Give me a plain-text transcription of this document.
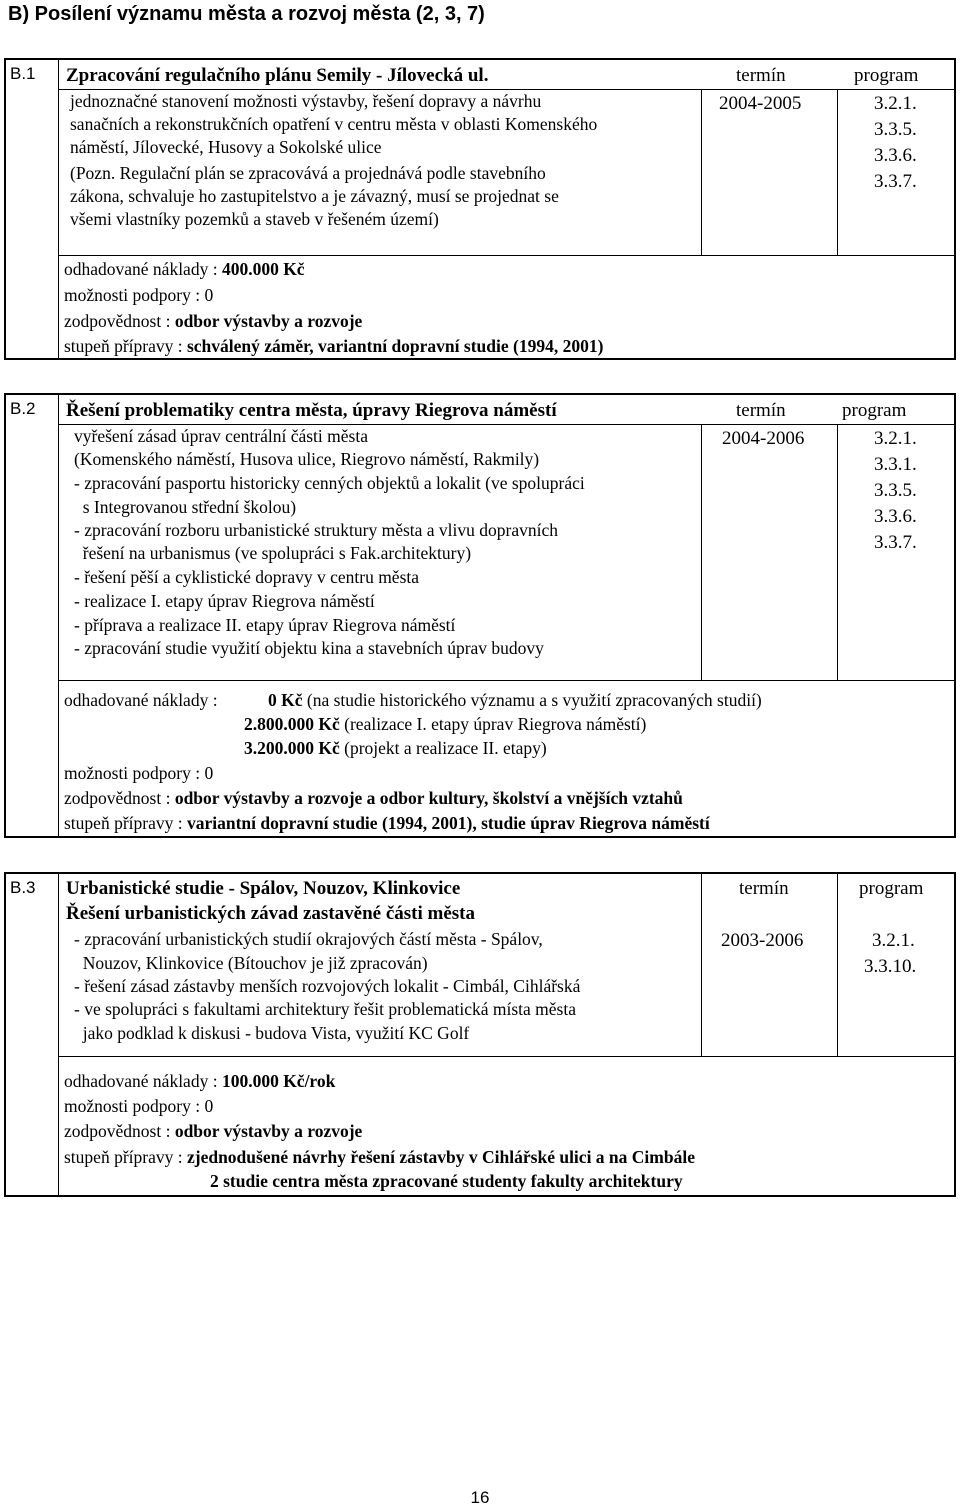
B) Posílení významu města a rozvoj města (2, 3, 7)
B.1 Zpracování regulačního plánu Semily - Jílovecká ul.	termín	program
jednoznačné stanovení možnosti výstavby, řešení dopravy a návrhu
sanačních a rekonstrukčních opatření v centru města v oblasti Komenského
náměstí, Jílovecké, Husovy a Sokolské ulice
(Pozn. Regulační plán se zpracovává a projednává podle stavebního
zákona, schvaluje ho zastupitelstvo a je závazný, musí se projednat se
všemi vlastníky pozemků a staveb v řešeném území)
2004-2005	3.2.1.
3.3.5.
3.3.6.
3.3.7.
odhadované náklady : 400.000 Kč
možnosti podpory : 0
zodpovědnost : odbor výstavby a rozvoje
stupeň přípravy : schválený záměr, variantní dopravní studie (1994, 2001)
B.2 Řešení problematiky centra města, úpravy Riegrova náměstí	termín	program
vyřešení zásad úprav centrální části města
(Komenského náměstí, Husova ulice, Riegrovo náměstí, Rakmily)
- zpracování pasportu historicky cenných objektů a lokalit (ve spolupráci
s Integrovanou střední školou)
- zpracování rozboru urbanistické struktury města a vlivu dopravních
řešení na urbanismus (ve spolupráci s Fak.architektury)
- řešení pěší a cyklistické dopravy v centru města
- realizace I. etapy úprav Riegrova náměstí
- příprava a realizace II. etapy úprav Riegrova náměstí
- zpracování studie využití objektu kina a stavebních úprav budovy
2004-2006	3.2.1.
3.3.1.
3.3.5.
3.3.6.
3.3.7.
odhadované náklady :	0 Kč (na studie historického významu a s využití zpracovaných studií)
2.800.000 Kč (realizace I. etapy úprav Riegrova náměstí)
3.200.000 Kč (projekt a realizace II. etapy)
možnosti podpory : 0
zodpovědnost : odbor výstavby a rozvoje a odbor kultury, školství a vnějších vztahů
stupeň přípravy : variantní dopravní studie (1994, 2001), studie úprav Riegrova náměstí
B.3 Urbanistické studie - Spálov, Nouzov, Klinkovice
Řešení urbanistických závad zastavěné části města
termín	program
- zpracování urbanistických studií okrajových částí města - Spálov,
Nouzov, Klinkovice (Bítouchov je již zpracován)
- řešení zásad zástavby menších rozvojových lokalit - Cimbál, Cihlářská
- ve spolupráci s fakultami architektury řešit problematická místa města
jako podklad k diskusi - budova Vista, využití KC Golf
2003-2006	3.2.1.
3.3.10.
odhadované náklady : 100.000 Kč/rok
možnosti podpory : 0
zodpovědnost : odbor výstavby a rozvoje
stupeň přípravy : zjednodušené návrhy řešení zástavby v Cihlářské ulici a na Cimbále
2 studie centra města zpracované studenty fakulty architektury
16
